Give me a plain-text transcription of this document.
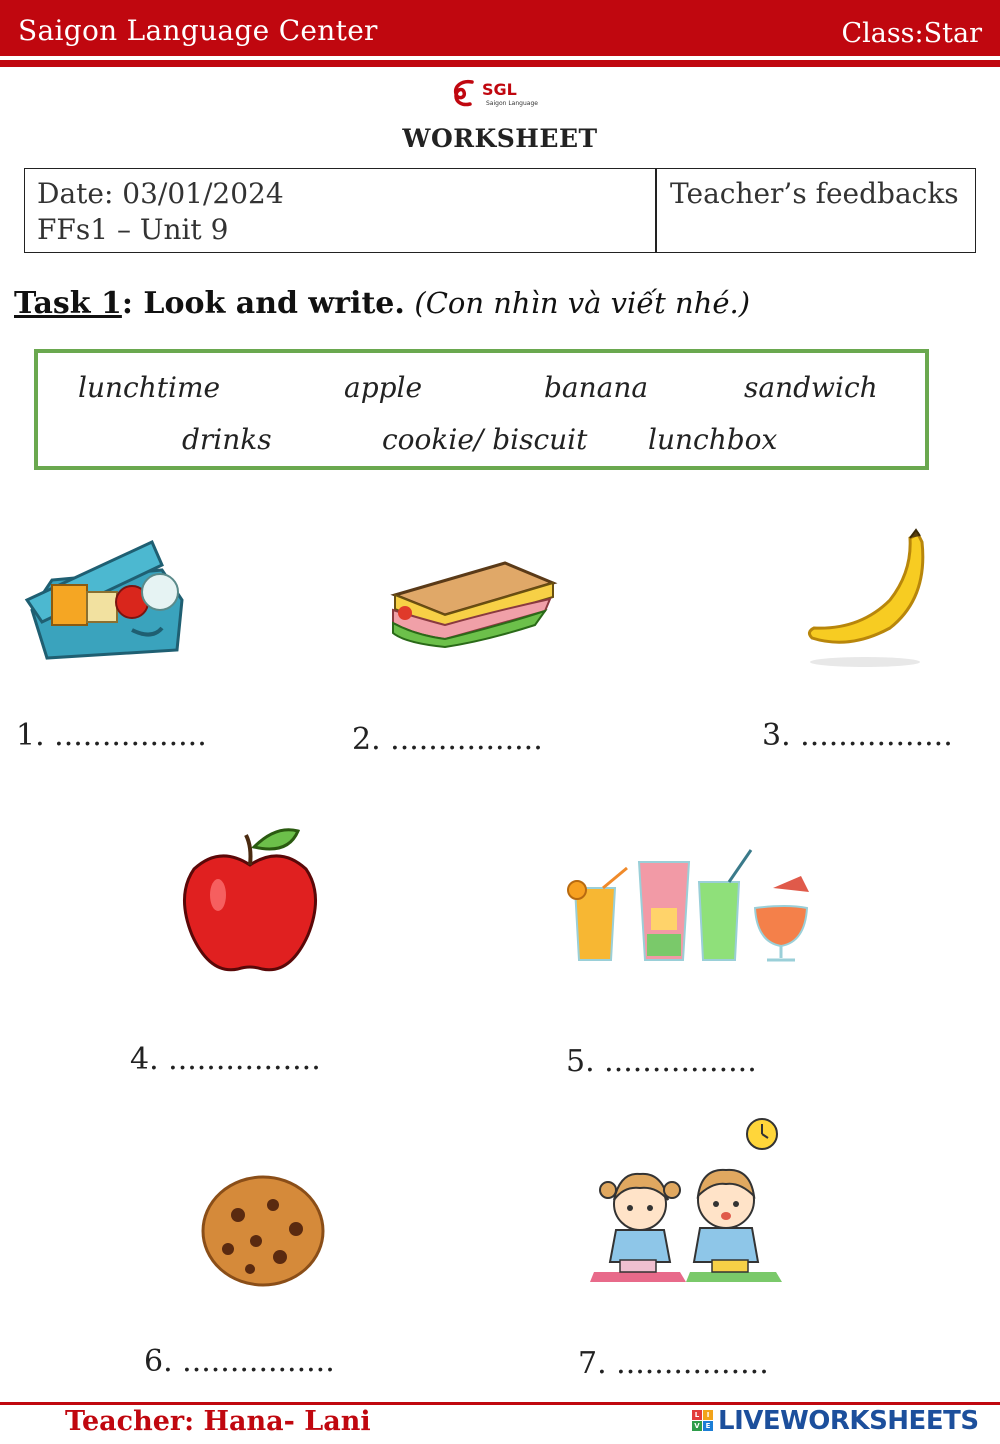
Saigon Language Center	Class:Star
SGL
Saigon Language
WORKSHEET
Date: 03/01/2024
FFs1 – Unit 9
Teacher’s feedbacks
Task 1: Look and write. (Con nhìn và viết nhé.)
lunchtime	apple	banana	sandwich
drinks	cookie/ biscuit lunchbox
1. ................	2. ................	3. ................
4. ................	5. ................
6. ................	7. ................
Teacher: Hana- Lani	L	I
V E LIVEWORKSHEETS
